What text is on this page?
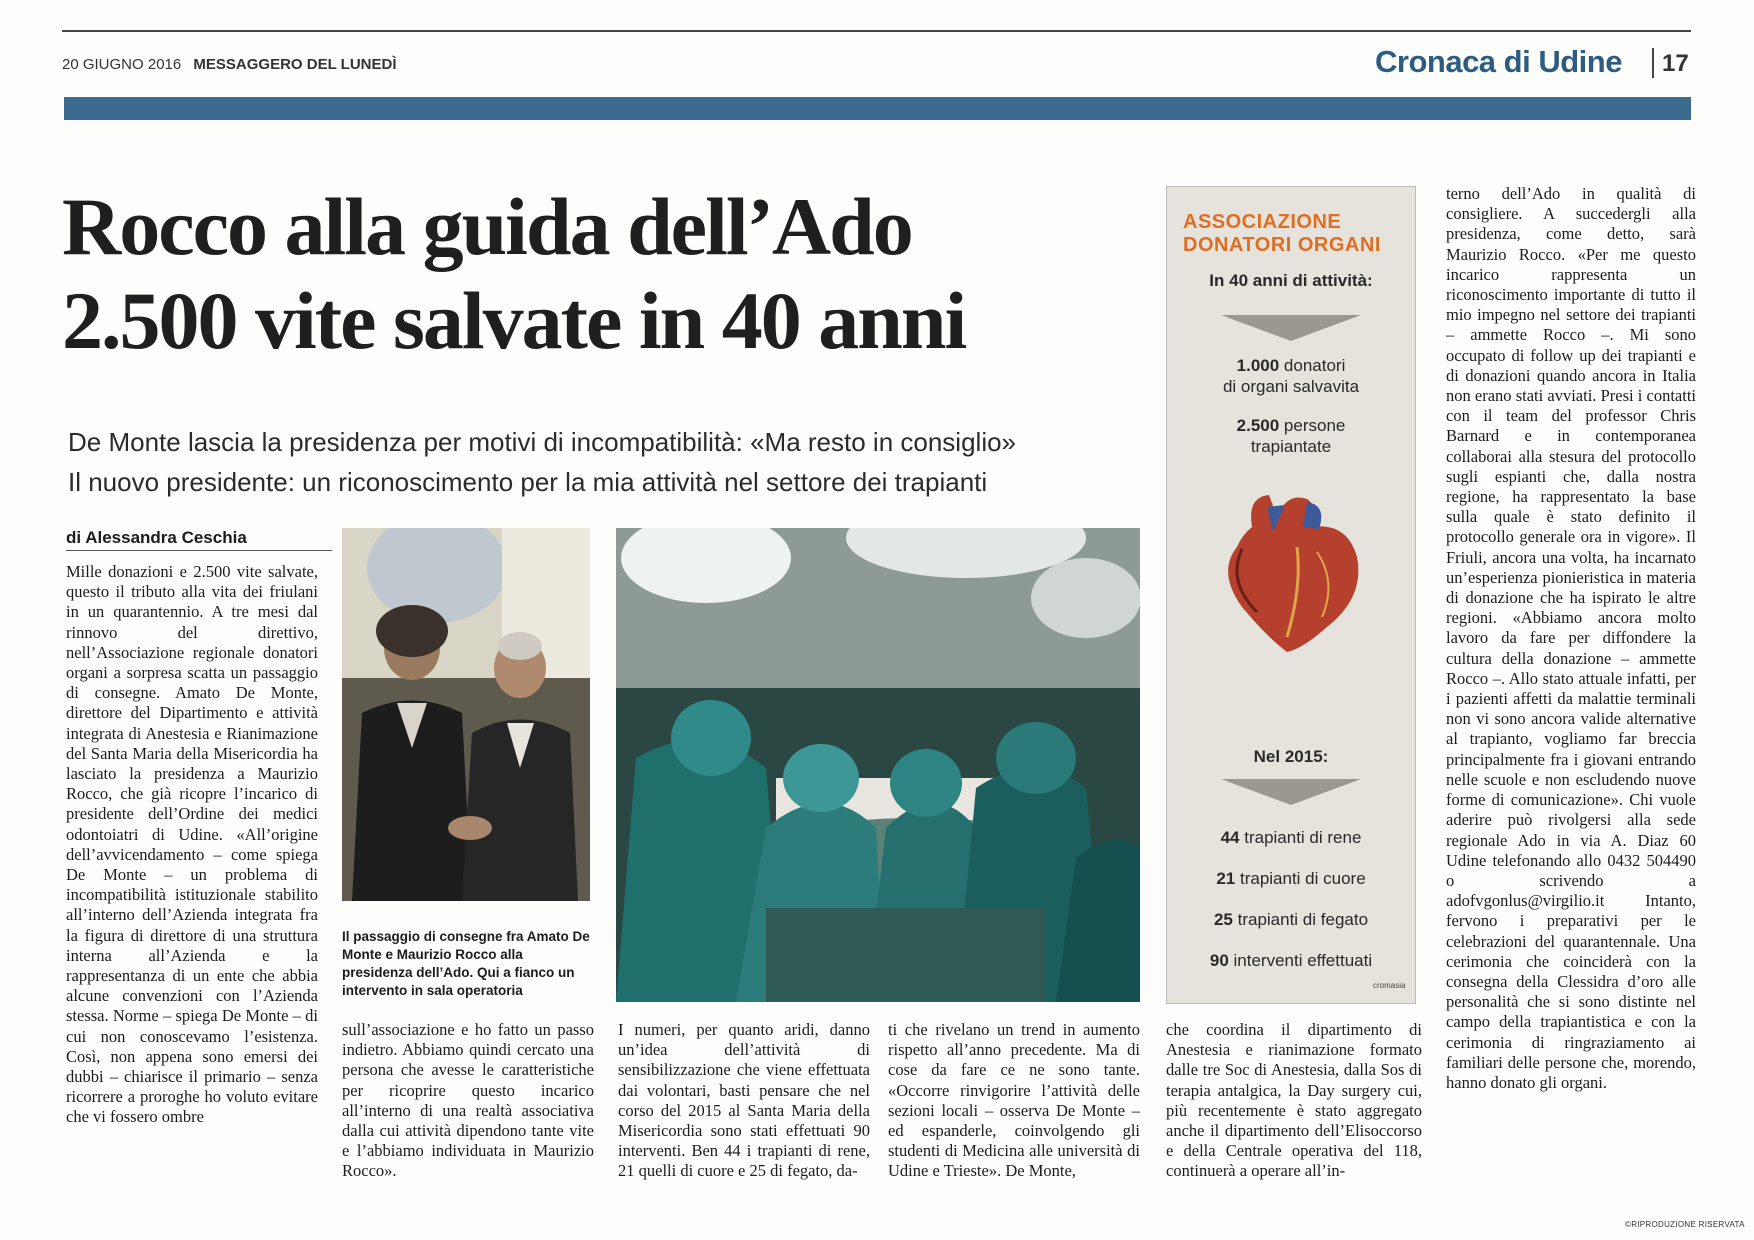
20 GIUGNO 2016 MESSAGGERO DEL LUNEDÌ	Cronaca di Udine 17
Rocco alla guida dell’Ado
2.500 vite salvate in 40 anni
De Monte lascia la presidenza per motivi di incompatibilità: «Ma resto in consiglio»
Il nuovo presidente: un riconoscimento per la mia attività nel settore dei trapianti
di Alessandra Ceschia
Mille donazioni e 2.500 vite salvate, questo il tributo alla vita dei friulani in un quarantennio. A tre mesi dal rinnovo del direttivo, nell’Associazione regionale donatori organi a sorpresa scatta un passaggio di consegne. Amato De Monte, direttore del Dipartimento e attività integrata di Anestesia e Rianimazione del Santa Maria della Misericordia ha lasciato la presidenza a Maurizio Rocco, che già ricopre l’incarico di presidente dell’Ordine dei medici odontoiatri di Udine. «All’origine dell’avvicendamento – come spiega De Monte – un problema di incompatibilità istituzionale stabilito all’interno dell’Azienda integrata fra la figura di direttore di una struttura interna all’Azienda e la rappresentanza di un ente che abbia alcune convenzioni con l’Azienda stessa. Norme – spiega De Monte – di cui non conoscevamo l’esistenza. Così, non appena sono emersi dei dubbi – chiarisce il primario – senza ricorrere a proroghe ho voluto evitare che vi fossero ombre
sull’associazione e ho fatto un passo indietro. Abbiamo quindi cercato una persona che avesse le caratteristiche per ricoprire questo incarico all’interno di una realtà associativa dalla cui attività dipendono tante vite e l’abbiamo individuata in Maurizio Rocco».
I numeri, per quanto aridi, danno un’idea dell’attività di sensibilizzazione che viene effettuata dai volontari, basti pensare che nel corso del 2015 al Santa Maria della Misericordia sono stati effettuati 90 interventi. Ben 44 i trapianti di rene, 21 quelli di cuore e 25 di fegato, da-
ti che rivelano un trend in aumento rispetto all’anno precedente. Ma di cose da fare ce ne sono tante. «Occorre rinvigorire l’attività delle sezioni locali – osserva De Monte – ed espanderle, coinvolgendo gli studenti di Medicina alle università di Udine e Trieste». De Monte,
che coordina il dipartimento di Anestesia e rianimazione formato dalle tre Soc di Anestesia, dalla Sos di terapia antalgica, la Day surgery cui, più recentemente è stato aggregato anche il dipartimento dell’Elisoccorso e della Centrale operativa del 118, continuerà a operare all’in-
terno dell’Ado in qualità di consigliere. A succedergli alla presidenza, come detto, sarà Maurizio Rocco. «Per me questo incarico rappresenta un riconoscimento importante di tutto il mio impegno nel settore dei trapianti – ammette Rocco –. Mi sono occupato di follow up dei trapianti e di donazioni quando ancora in Italia non erano stati avviati. Presi i contatti con il team del professor Chris Barnard e in contemporanea collaborai alla stesura del protocollo sugli espianti che, dalla nostra regione, ha rappresentato la base sulla quale è stato definito il protocollo generale ora in vigore». Il Friuli, ancora una volta, ha incarnato un’esperienza pionieristica in materia di donazione che ha ispirato le altre regioni. «Abbiamo ancora molto lavoro da fare per diffondere la cultura della donazione – ammette Rocco –. Allo stato attuale infatti, per i pazienti affetti da malattie terminali non vi sono ancora valide alternative al trapianto, vogliamo far breccia principalmente fra i giovani entrando nelle scuole e non escludendo nuove forme di comunicazione». Chi vuole aderire può rivolgersi alla sede regionale Ado in via A. Diaz 60 Udine telefonando allo 0432 504490 o scrivendo a adofvgonlus@virgilio.it Intanto, fervono i preparativi per le celebrazioni del quarantennale. Una cerimonia che coinciderà con la consegna della Clessidra d’oro alle personalità che si sono distinte nel campo della trapiantistica e con la cerimonia di ringraziamento ai familiari delle persone che, morendo, hanno donato gli organi.
©RIPRODUZIONE RISERVATA
Il passaggio di consegne fra Amato De Monte e Maurizio Rocco alla presidenza dell’Ado. Qui a fianco un intervento in sala operatoria
ASSOCIAZIONE
DONATORI ORGANI
In 40 anni di attività:
1.000 donatori
di organi salvavita
2.500 persone
trapiantate
Nel 2015:
44 trapianti di rene
21 trapianti di cuore
25 trapianti di fegato
90 interventi effettuati
cromasia
